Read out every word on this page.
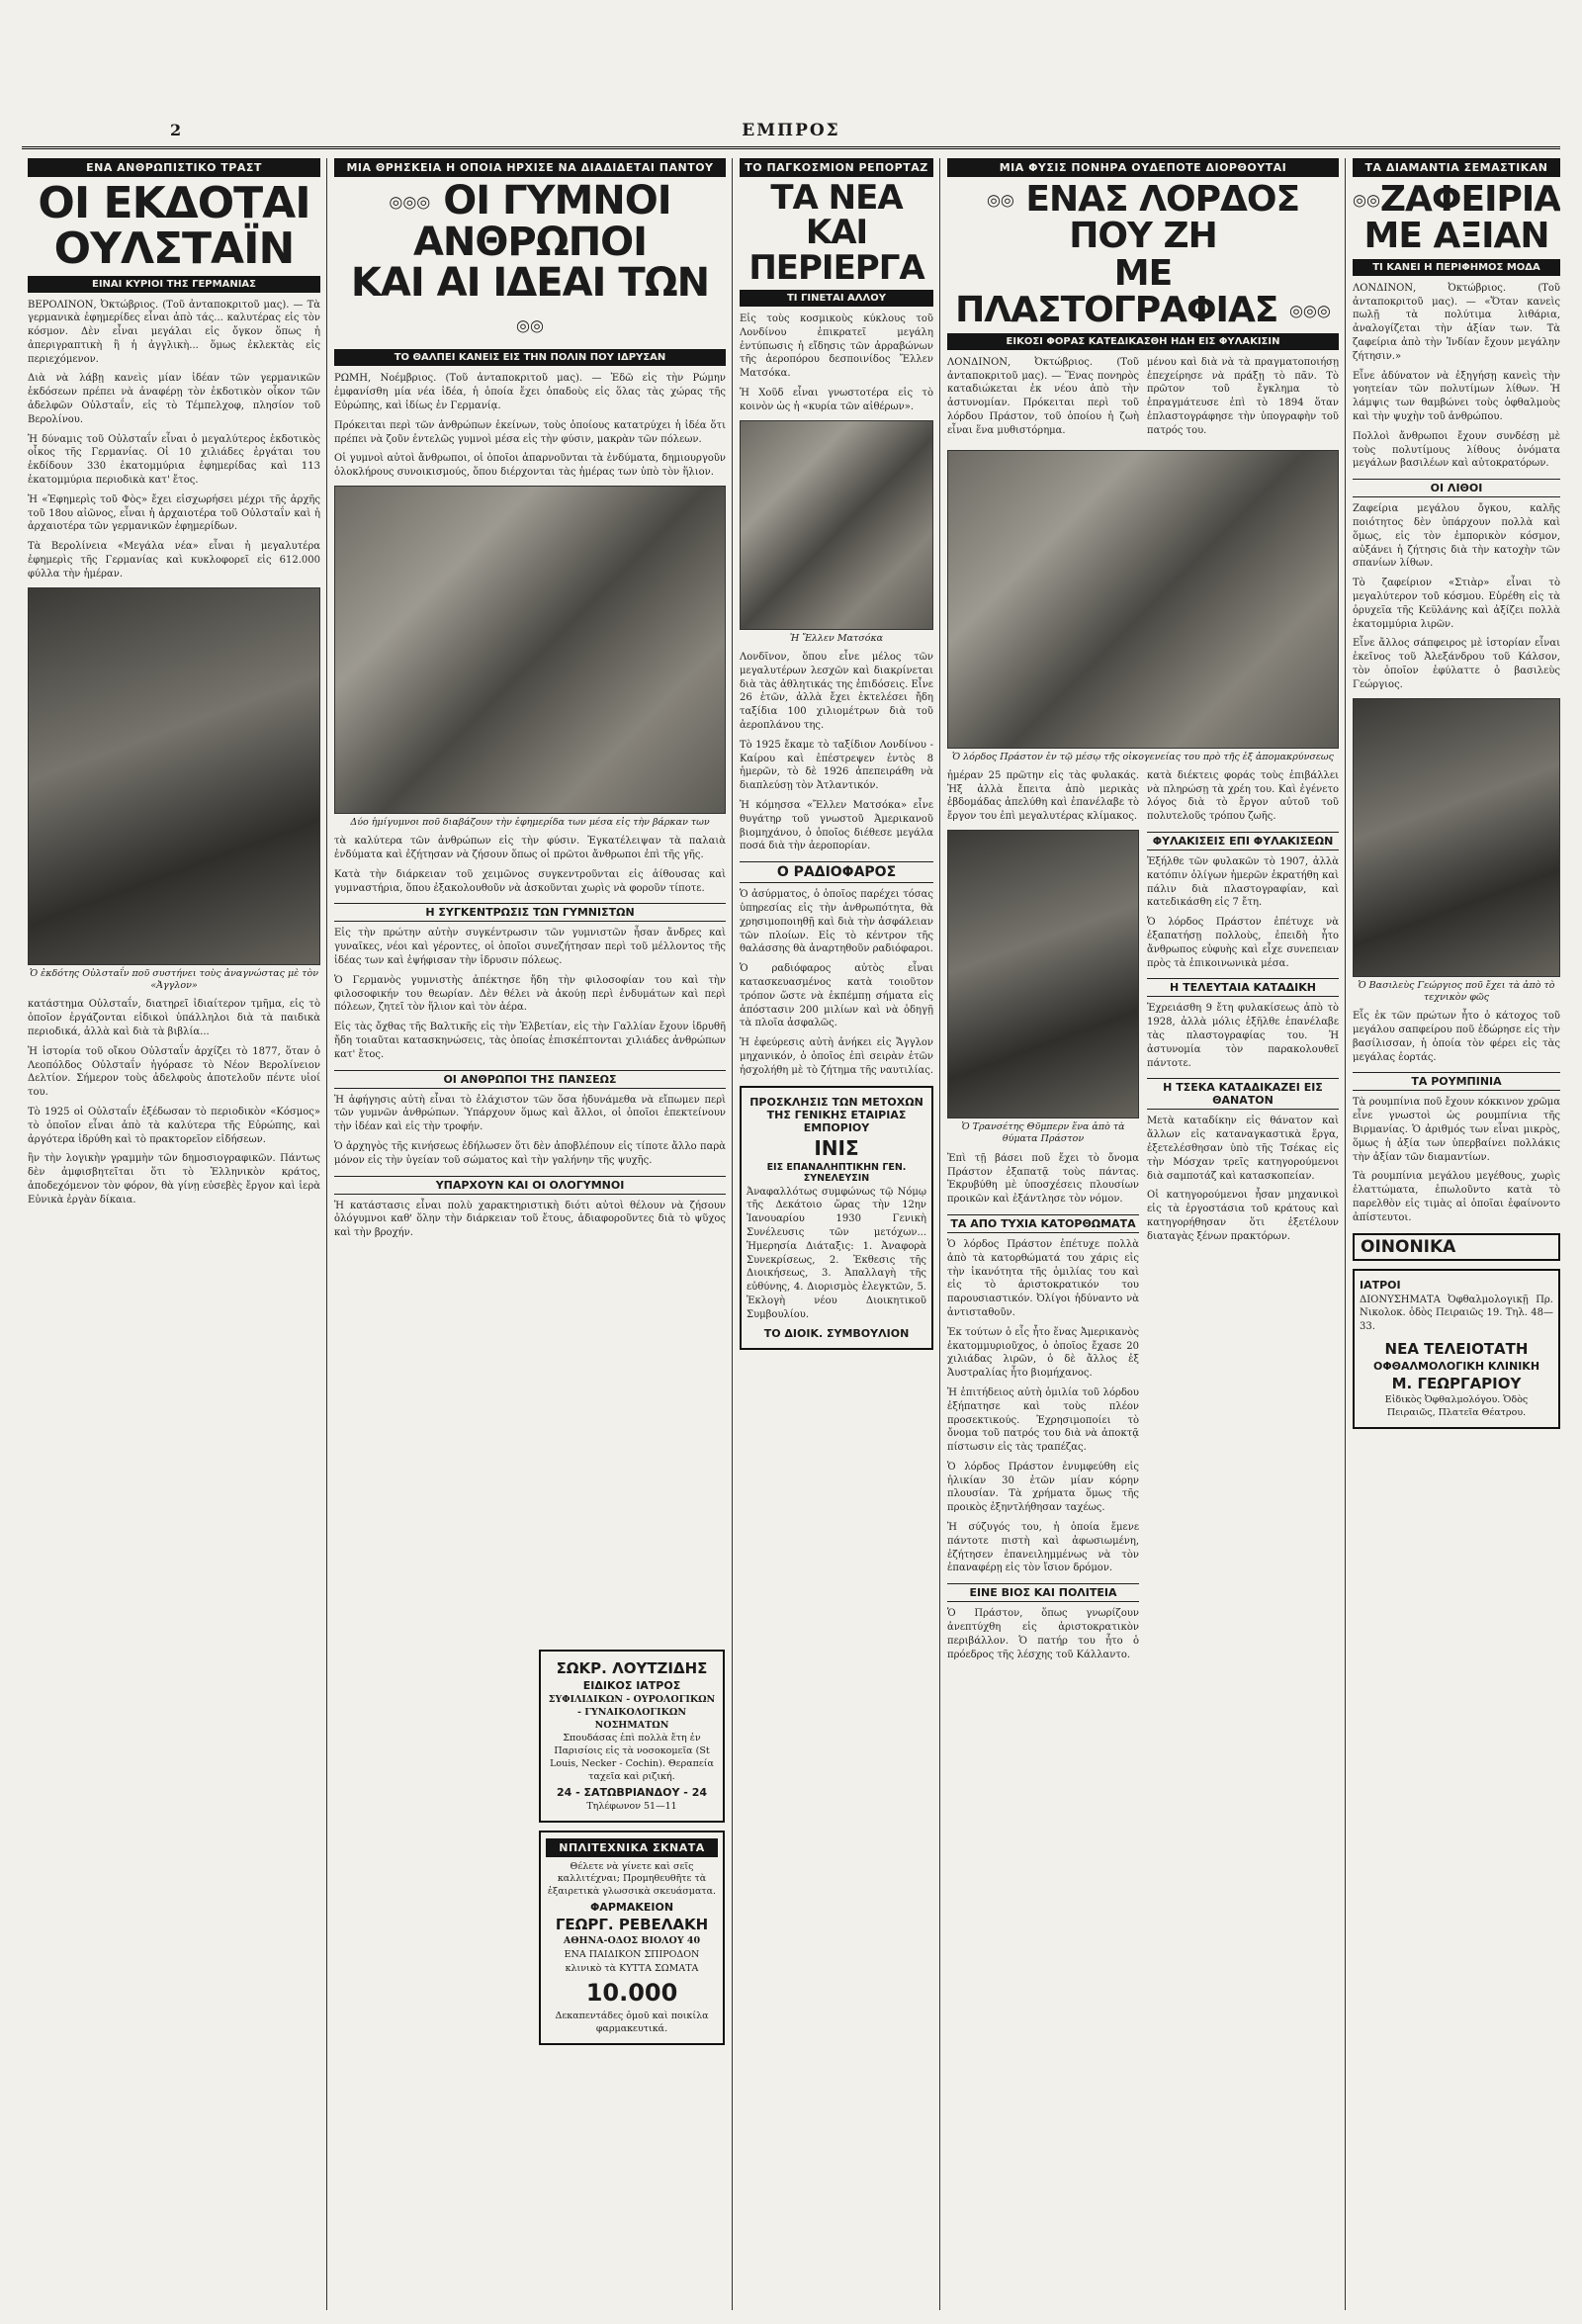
2	ΕΜΠΡΟΣ
ΕΝΑ ΑΝΘΡΩΠΙΣΤΙΚΟ ΤΡΑΣΤ
ΟΙ ΕΚΔΟΤΑΙ
ΟΥΛΣΤΑΪΝ
ΕΙΝΑΙ ΚΥΡΙΟΙ ΤΗΣ ΓΕΡΜΑΝΙΑΣ

ΒΕΡΟΛΙΝΟΝ, Ὀκτώβριος. (Τοῦ ἀνταποκριτοῦ μας). — Τὰ γερμανικὰ ἐφημερίδες εἶναι ἀπὸ τάς... καλυτέρας εἰς τὸν κόσμον. Δὲν εἶναι μεγάλαι εἰς ὄγκον ὅπως ἡ ἀπεριγραπτικὴ ἢ ἡ ἀγγλικὴ... ὅμως ἐκλεκτὰς εἰς περιεχόμενον.

Διὰ νὰ λάβῃ κανεὶς μίαν ἰδέαν τῶν γερμανικῶν ἐκδόσεων πρέπει νὰ ἀναφέρῃ τὸν ἐκδοτικὸν οἶκον τῶν ἀδελφῶν Οὐλσταΐν, εἰς τὸ Τέμπελχοφ, πλησίον τοῦ Βερολίνου.

Ἡ δύναμις τοῦ Οὐλσταΐν εἶναι ὁ μεγαλύτερος ἐκδοτικὸς οἶκος τῆς Γερμανίας. Οἱ 10 χιλιάδες ἐργάται του ἐκδίδουν 330 ἑκατομμύρια ἐφημερίδας καὶ 113 ἑκατομμύρια περιοδικὰ κατ' ἔτος.

Ἡ «Ἐφημερὶς τοῦ Φὸς» ἔχει εἰσχωρήσει μέχρι τῆς ἀρχῆς τοῦ 18ου αἰῶνος, εἶναι ἡ ἀρχαιοτέρα τοῦ Οὐλσταΐν καὶ ἡ ἀρχαιοτέρα τῶν γερμανικῶν ἐφημερίδων.

Τὰ Βερολίνεια «Μεγάλα νέα» εἶναι ἡ μεγαλυτέρα ἐφημερὶς τῆς Γερμανίας καὶ κυκλοφορεῖ εἰς 612.000 φύλλα τὴν ἡμέραν.

Ὁ ἐκδότης Οὐλσταΐν ποῦ συστήνει τοὺς ἀναγνώστας μὲ τὸν «Ἀγγλον»

κατάστημα Οὐλσταΐν, διατηρεῖ ἰδιαίτερον τμῆμα, εἰς τὸ ὁποῖον ἐργάζονται εἰδικοὶ ὑπάλληλοι διὰ τὰ παιδικὰ περιοδικά, ἀλλὰ καὶ διὰ τὰ βιβλία...

Ἡ ἰστορία τοῦ οἴκου Οὐλσταΐν ἀρχίζει τὸ 1877, ὅταν ὁ Λεοπόλδος Οὐλσταΐν ἠγόρασε τὸ Νέον Βερολίνειον Δελτίον. Σήμερον τοὺς ἀδελφοὺς ἀποτελοῦν πέντε υἱοί του.

Τὸ 1925 οἱ Οὐλσταΐν ἐξέδωσαν τὸ περιοδικὸν «Κόσμος» τὸ ὁποῖον εἶναι ἀπὸ τὰ καλύτερα τῆς Εὐρώπης, καὶ ἀργότερα ἰδρύθη καὶ τὸ πρακτορεῖον εἰδήσεων.

ἢν τὴν λογικὴν γραμμὴν τῶν δημοσιογραφικῶν. Πάντως δὲν ἀμφισβητεῖται ὅτι τὸ Ἑλληνικὸν κράτος, ἀποδεχόμενον τὸν φόρον, θὰ γίνῃ εὐσεβὲς ἔργον καὶ ἱερὰ Εὐνικὰ ἐργὰν δίκαια.

ΜΙΑ ΘΡΗΣΚΕΙΑ Η ΟΠΟΙΑ ΗΡΧΙΣΕ ΝΑ ΔΙΑΔΙΔΕΤΑΙ ΠΑΝΤΟΥ
◎◎◎ ΟΙ ΓΥΜΝΟΙ ΑΝΘΡΩΠΟΙ
ΚΑΙ ΑΙ ΙΔΕΑΙ ΤΩΝ ◎◎
ΤΟ ΘΑΛΠΕΙ ΚΑΝΕΙΣ ΕΙΣ ΤΗΝ ΠΟΛΙΝ ΠΟΥ ΙΔΡΥΣΑΝ

ΡΩΜΗ, Νοέμβριος. (Τοῦ ἀνταποκριτοῦ μας). — Ἐδῶ εἰς τὴν Ρώμην ἐμφανίσθη μία νέα ἰδέα, ἡ ὁποία ἔχει ὀπαδοὺς εἰς ὅλας τὰς χώρας τῆς Εὐρώπης, καὶ ἰδίως ἐν Γερμανίᾳ.

Πρόκειται περὶ τῶν ἀνθρώπων ἐκείνων, τοὺς ὁποίους κατατρύχει ἡ ἰδέα ὅτι πρέπει νὰ ζοῦν ἐντελῶς γυμνοὶ μέσα εἰς τὴν φύσιν, μακρὰν τῶν πόλεων.

Οἱ γυμνοὶ αὐτοὶ ἄνθρωποι, οἱ ὁποῖοι ἀπαρνοῦνται τὰ ἐνδύματα, δημιουργοῦν ὁλοκλήρους συνοικισμούς, ὅπου διέρχονται τὰς ἡμέρας των ὑπὸ τὸν ἥλιον.

Δύο ἡμίγυμνοι ποῦ διαβάζουν τὴν ἐφημερίδα των μέσα εἰς τὴν βάρκαν των

τὰ καλύτερα τῶν ἀνθρώπων εἰς τὴν φύσιν. Ἐγκατέλειψαν τὰ παλαιὰ ἐνδύματα καὶ ἐζήτησαν νὰ ζήσουν ὅπως οἱ πρῶτοι ἄνθρωποι ἐπὶ τῆς γῆς.

Κατὰ τὴν διάρκειαν τοῦ χειμῶνος συγκεντροῦνται εἰς ἀίθουσας καὶ γυμναστήρια, ὅπου ἐξακολουθοῦν νὰ ἀσκοῦνται χωρὶς νὰ φοροῦν τίποτε.

Η ΣΥΓΚΕΝΤΡΩΣΙΣ ΤΩΝ ΓΥΜΝΙΣΤΩΝ

Εἰς τὴν πρώτην αὐτὴν συγκέντρωσιν τῶν γυμνιστῶν ἦσαν ἄνδρες καὶ γυναῖκες, νέοι καὶ γέροντες, οἱ ὁποῖοι συνεζήτησαν περὶ τοῦ μέλλοντος τῆς ἰδέας των καὶ ἐψήφισαν τὴν ἱδρυσιν πόλεως.

Ὁ Γερμανὸς γυμνιστὴς ἀπέκτησε ἤδη τὴν φιλοσοφίαν του καὶ τὴν φιλοσοφικήν του θεωρίαν. Δὲν θέλει νὰ ἀκούῃ περὶ ἐνδυμάτων καὶ περὶ πόλεων, ζητεῖ τὸν ἥλιον καὶ τὸν ἀέρα.

Εἰς τὰς ὄχθας τῆς Βαλτικῆς εἰς τὴν Ἑλβετίαν, εἰς τὴν Γαλλίαν ἔχουν ἱδρυθῆ ἤδη τοιαῦται κατασκηνώσεις, τὰς ὁποίας ἐπισκέπτονται χιλιάδες ἀνθρώπων κατ' ἔτος.

ΟΙ ΑΝΘΡΩΠΟΙ ΤΗΣ ΠΑΝΣΕΩΣ

Ἡ ἀφήγησις αὐτὴ εἶναι τὸ ἐλάχιστον τῶν ὅσα ἠδυνάμεθα νὰ εἴπωμεν περὶ τῶν γυμνῶν ἀνθρώπων. Ὑπάρχουν ὅμως καὶ ἄλλοι, οἱ ὁποῖοι ἐπεκτείνουν τὴν ἰδέαν καὶ εἰς τὴν τροφήν.

Ὁ ἀρχηγὸς τῆς κινήσεως ἐδήλωσεν ὅτι δὲν ἀποβλέπουν εἰς τίποτε ἄλλο παρὰ μόνον εἰς τὴν ὑγείαν τοῦ σώματος καὶ τὴν γαλήνην τῆς ψυχῆς.

ΥΠΑΡΧΟΥΝ ΚΑΙ ΟΙ ΟΛΟΓΥΜΝΟΙ

Ἡ κατάστασις εἶναι πολὺ χαρακτηριστικὴ διότι αὐτοὶ θέλουν νὰ ζήσουν ὁλόγυμνοι καθ' ὅλην τὴν διάρκειαν τοῦ ἔτους, ἀδιαφοροῦντες διὰ τὸ ψῦχος καὶ τὴν βροχήν.

ΤΟ ΠΑΓΚΟΣΜΙΟΝ ΡΕΠΟΡΤΑΖ
ΤΑ ΝΕΑ ΚΑΙ
ΠΕΡΙΕΡΓΑ
ΤΙ ΓΙΝΕΤΑΙ ΑΛΛΟΥ

Εἰς τοὺς κοσμικοὺς κύκλους τοῦ Λονδίνου ἐπικρατεῖ μεγάλη ἐντύπωσις ἡ εἴδησις τῶν ἀρραβώνων τῆς ἀεροπόρου δεσποινίδος Ἔλλεν Ματσόκα.

Ἡ Χοῦδ εἶναι γνωστοτέρα εἰς τὸ κοινὸν ὡς ἡ «κυρία τῶν αἰθέρων».

Ἡ Ἔλλεν Ματσόκα

Λονδῖνον, ὅπου εἶνε μέλος τῶν μεγαλυτέρων λεσχῶν καὶ διακρίνεται διὰ τὰς ἀθλητικάς της ἐπιδόσεις. Εἶνε 26 ἐτῶν, ἀλλὰ ἔχει ἐκτελέσει ἤδη ταξίδια 100 χιλιομέτρων διὰ τοῦ ἀεροπλάνου της.

Τὸ 1925 ἔκαμε τὸ ταξίδιον Λονδίνου - Καίρου καὶ ἐπέστρεψεν ἐντὸς 8 ἡμερῶν, τὸ δὲ 1926 ἀπεπειράθη νὰ διαπλεύσῃ τὸν Ἀτλαντικόν.

Ἡ κόμησσα «Ἔλλεν Ματσόκα» εἶνε θυγάτηρ τοῦ γνωστοῦ Ἀμερικανοῦ βιομηχάνου, ὁ ὁποῖος διέθεσε μεγάλα ποσά διὰ τὴν ἀεροπορίαν.

Ο ΡΑΔΙΟΦΑΡΟΣ

Ὁ ἀσύρματος, ὁ ὁποῖος παρέχει τόσας ὑπηρεσίας εἰς τὴν ἀνθρωπότητα, θὰ χρησιμοποιηθῇ καὶ διὰ τὴν ἀσφάλειαν τῶν πλοίων. Εἰς τὸ κέντρον τῆς θαλάσσης θὰ ἀναρτηθοῦν ραδιόφαροι.

Ὁ ραδιόφαρος αὐτὸς εἶναι κατασκευασμένος κατὰ τοιοῦτον τρόπον ὥστε νὰ ἐκπέμπῃ σήματα εἰς ἀπόστασιν 200 μιλίων καὶ νὰ ὁδηγῇ τὰ πλοῖα ἀσφαλῶς.

Ἡ ἐφεύρεσις αὐτὴ ἀνήκει εἰς Ἄγγλον μηχανικόν, ὁ ὁποῖος ἐπὶ σειρὰν ἐτῶν ἠσχολήθη μὲ τὸ ζήτημα τῆς ναυτιλίας.

ΠΡΟΣΚΛΗΣΙΣ ΤΩΝ ΜΕΤΟΧΩΝ ΤΗΣ ΓΕΝΙΚΗΣ ΕΤΑΙΡΙΑΣ ΕΜΠΟΡΙΟΥ
ΙΝΙΣ
ΕΙΣ ΕΠΑΝΑΛΗΠΤΙΚΗΝ ΓΕΝ. ΣΥΝΕΛΕΥΣΙΝ

Ἀναφαλλότως συμφώνως τῷ Νόμῳ τῆς Δεκάτοιο ὥρας τὴν 12ην Ἰανουαρίου 1930 Γενικὴ Συνέλευσις τῶν μετόχων... Ἡμερησία Διάταξις: 1. Ἀναφορὰ Συνεκρίσεως, 2. Ἐκθεσις τῆς Διοικήσεως, 3. Ἀπαλλαγὴ τῆς εὐθύνης, 4. Διορισμὸς ἐλεγκτῶν, 5. Ἐκλογὴ νέου Διοικητικοῦ Συμβουλίου.

ΤΟ ΔΙΟΙΚ. ΣΥΜΒΟΥΛΙΟΝ
ΜΙΑ ΦΥΣΙΣ ΠΟΝΗΡΑ ΟΥΔΕΠΟΤΕ ΔΙΟΡΘΟΥΤΑΙ
◎◎ ΕΝΑΣ ΛΟΡΔΟΣ ΠΟΥ ΖΗ
ΜΕ ΠΛΑΣΤΟΓΡΑΦΙΑΣ ◎◎◎
ΕΙΚΟΣΙ ΦΟΡΑΣ ΚΑΤΕΔΙΚΑΣΘΗ ΗΔΗ ΕΙΣ ΦΥΛΑΚΙΣΙΝ

ΛΟΝΔΙΝΟΝ, Ὀκτώβριος. (Τοῦ ἀνταποκριτοῦ μας). — Ἕνας πονηρὸς καταδιώκεται ἐκ νέου ἀπὸ τὴν ἀστυνομίαν. Πρόκειται περὶ τοῦ λόρδου Πράστον, τοῦ ὁποίου ἡ ζωὴ εἶναι ἕνα μυθιστόρημα.

μένου καὶ διὰ νὰ τὰ πραγματοποιήσῃ ἐπεχείρησε νὰ πράξῃ τὸ πᾶν. Τὸ πρῶτον τοῦ ἔγκλημα τὸ ἐπραγμάτευσε ἐπὶ τὸ 1894 ὅταν ἐπλαστογράφησε τὴν ὑπογραφὴν τοῦ πατρός του.

Ὁ λόρδος Πράστον ἐν τῷ μέσῳ τῆς οἰκογενείας του πρὸ τῆς ἐξ ἀπομακρύνσεως

ἠμέραν 25 πρῶτην εἰς τὰς φυλακάς. Ἠξ ἀλλὰ ἔπειτα ἀπὸ μερικὰς ἐβδομάδας ἀπελύθη καὶ ἐπανέλαβε τὸ ἔργον του ἐπὶ μεγαλυτέρας κλίμακος.

Ὁ Τρανσέτης Θῦμπερν ἕνα ἀπὸ τὰ θύματα Πράστον

Ἐπὶ τῇ βάσει ποῦ ἔχει τὸ ὄνομα Πράστον ἐξαπατᾷ τοὺς πάντας. Ἐκρυβύθη μὲ ὑποσχέσεις πλουσίων προικῶν καὶ ἐξάντλησε τὸν νόμον.

ΤΑ ΑΠΟ ΤΥΧΙΑ ΚΑΤΟΡΘΩΜΑΤΑ

Ὁ λόρδος Πράστον ἐπέτυχε πολλὰ ἀπὸ τὰ κατορθώματά του χάρις εἰς τὴν ἱκανότητα τῆς ὁμιλίας του καὶ εἰς τὸ ἀριστοκρατικόν του παρουσιαστικόν. Ὀλίγοι ἠδύναντο νὰ ἀντισταθοῦν.

Ἐκ τούτων ὁ εἷς ἦτο ἕνας Ἀμερικανὸς ἑκατομμυριοῦχος, ὁ ὁποῖος ἔχασε 20 χιλιάδας λιρῶν, ὁ δὲ ἄλλος ἐξ Ἀυστραλίας ἦτο βιομήχανος.

Ἡ ἐπιτήδειος αὐτὴ ὁμιλία τοῦ λόρδου ἐξήπατησε καὶ τοὺς πλέον προσεκτικούς. Ἐχρησιμοποίει τὸ ὄνομα τοῦ πατρός του διὰ νὰ ἀποκτᾷ πίστωσιν εἰς τὰς τραπέζας.

Ὁ λόρδος Πράστον ἐνυμφεύθη εἰς ἡλικίαν 30 ἐτῶν μίαν κόρην πλουσίαν. Τὰ χρήματα ὅμως τῆς προικὸς ἐξηντλήθησαν ταχέως.

Ἡ σύζυγός του, ἡ ὁποία ἔμενε πάντοτε πιστὴ καὶ ἀφωσιωμένη, ἐζήτησεν ἐπανειλημμένως νὰ τὸν ἐπαναφέρῃ εἰς τὸν ἴσιον δρόμον.

ΕΙΝΕ ΒΙΟΣ ΚΑΙ ΠΟΛΙΤΕΙΑ

Ὁ Πράστον, ὅπως γνωρίζουν ἀνεπτύχθη εἰς ἀριστοκρατικὸν περιβάλλον. Ὁ πατήρ του ἦτο ὁ πρόεδρος τῆς λέσχης τοῦ Κάλλαντο.

κατὰ διέκτεις φοράς τοὺς ἐπιβάλλει νὰ πληρώσῃ τὰ χρέη του. Καὶ ἐγένετο λόγος διὰ τὸ ἔργον αὐτοῦ τοῦ πολυτελοῦς τρόπου ζωῆς.

ΦΥΛΑΚΙΣΕΙΣ ΕΠΙ ΦΥΛΑΚΙΣΕΩΝ

Ἐξήλθε τῶν φυλακῶν τὸ 1907, ἀλλὰ κατόπιν ὀλίγων ἡμερῶν ἐκρατήθη καὶ πάλιν διὰ πλαστογραφίαν, καὶ κατεδικάσθη εἰς 7 ἔτη.

Ὁ λόρδος Πράστον ἐπέτυχε νὰ ἐξαπατήσῃ πολλοὺς, ἐπειδὴ ἦτο ἄνθρωπος εὐφυὴς καὶ εἶχε συνεπειαν πρὸς τὰ ἐπικοινωνικὰ μέσα.

Η ΤΕΛΕΥΤΑΙΑ ΚΑΤΑΔΙΚΗ

Ἐχρειάσθη 9 ἔτη φυλακίσεως ἀπὸ τὸ 1928, ἀλλὰ μόλις ἐξῆλθε ἐπανέλαβε τὰς πλαστογραφίας του. Ἡ ἀστυνομία τὸν παρακολουθεῖ πάντοτε.

Η ΤΣΕΚΑ ΚΑΤΑΔΙΚΑΖΕΙ ΕΙΣ ΘΑΝΑΤΟΝ

Μετὰ καταδίκην εἰς θάνατον καὶ ἄλλων εἰς καταναγκαστικὰ ἔργα, ἐξετελέσθησαν ὑπὸ τῆς Τσέκας εἰς τὴν Μόσχαν τρεῖς κατηγορούμενοι διὰ σαμποτάζ καὶ κατασκοπείαν.

Οἱ κατηγορούμενοι ἦσαν μηχανικοὶ εἰς τὰ ἐργοστάσια τοῦ κράτους καὶ κατηγορήθησαν ὅτι ἐξετέλουν διαταγὰς ξένων πρακτόρων.

ΤΑ ΔΙΑΜΑΝΤΙΑ ΣΕΜΑΣΤΙΚΑΝ
◎◎ΖΑΦΕΙΡΙΑ
ΜΕ ΑΞΙΑΝ
ΤΙ ΚΑΝΕΙ Η ΠΕΡΙΦΗΜΟΣ ΜΟΔΑ

ΛΟΝΔΙΝΟΝ, Ὀκτώβριος. (Τοῦ ἀνταποκριτοῦ μας). — «Ὅταν κανεὶς πωλῇ τὰ πολύτιμα λιθάρια, ἀναλογίζεται τὴν ἀξίαν των. Τὰ ζαφείρια ἀπὸ τὴν Ἰνδίαν ἔχουν μεγάλην ζήτησιν.»

Εἶνε ἀδύνατον νὰ ἐξηγήσῃ κανεὶς τὴν γοητείαν τῶν πολυτίμων λίθων. Ἡ λάμψις των θαμβώνει τοὺς ὀφθαλμοὺς καὶ τὴν ψυχὴν τοῦ ἀνθρώπου.

Πολλοὶ ἄνθρωποι ἔχουν συνδέσῃ μὲ τοὺς πολυτίμους λίθους ὀνόματα μεγάλων βασιλέων καὶ αὐτοκρατόρων.

ΟΙ ΛΙΘΟΙ

Ζαφείρια μεγάλου ὄγκου, καλῆς ποιότητος δὲν ὑπάρχουν πολλὰ καὶ ὅμως, εἰς τὸν ἐμπορικὸν κόσμον, αὐξάνει ἡ ζήτησις διὰ τὴν κατοχὴν τῶν σπανίων λίθων.

Τὸ ζαφείριον «Στιὰρ» εἶναι τὸ μεγαλύτερον τοῦ κόσμου. Εὑρέθη εἰς τὰ ὀρυχεῖα τῆς Κεϋλάνης καὶ ἀξίζει πολλὰ ἑκατομμύρια λιρῶν.

Εἶνε ἄλλος σάπφειρος μὲ ἱστορίαν εἶναι ἐκεῖνος τοῦ Ἀλεξάνδρου τοῦ Κάλσον, τὸν ὁποῖον ἐφύλαττε ὁ βασιλεὺς Γεώργιος.

Ὁ Βασιλεὺς Γεώργιος ποῦ ἔχει τὰ ἀπὸ τὸ τεχνικὸν φῶς

Εἷς ἐκ τῶν πρώτων ἦτο ὁ κάτοχος τοῦ μεγάλου σαπφείρου ποῦ ἐδώρησε εἰς τὴν βασίλισσαν, ἡ ὁποία τὸν φέρει εἰς τὰς μεγάλας ἐορτάς.

ΤΑ ΡΟΥΜΠΙΝΙΑ

Τὰ ρουμπίνια ποῦ ἔχουν κόκκινον χρῶμα εἶνε γνωστοὶ ὡς ρουμπίνια τῆς Βιρμανίας. Ὁ ἀριθμός των εἶναι μικρὸς, ὅμως ἡ ἀξία των ὑπερβαίνει πολλάκις τὴν ἀξίαν τῶν διαμαντίων.

Τὰ ρουμπίνια μεγάλου μεγέθους, χωρὶς ἐλαττώματα, ἐπωλοῦντο κατὰ τὸ παρελθὸν εἰς τιμὰς αἱ ὁποῖαι ἐφαίνοντο ἀπίστευτοι.

ΟΙΝΟΝΙΚΑ
ΙΑΤΡΟΙ

ΔΙΟΝΥΣΗΜΑΤΑ Ὀφθαλμολογικῇ Πρ. Νικολοκ. ὁδὸς Πειραιῶς 19. Τηλ. 48—33.

ΝΕΑ ΤΕΛΕΙΟΤΑΤΗ
ΟΦΘΑΛΜΟΛΟΓΙΚΗ ΚΛΙΝΙΚΗ
Μ. ΓΕΩΡΓΑΡΙΟΥ
Εἰδικὸς Ὀφθαλμολόγου. Ὁδὸς Πειραιῶς, Πλατεῖα Θέατρου.
ΣΩΚΡ. ΛΟΥΤΖΙΔΗΣ
ΕΙΔΙΚΟΣ ΙΑΤΡΟΣ
ΣΥΦΙΛΙΔΙΚΩΝ - ΟΥΡΟΛΟΓΙΚΩΝ - ΓΥΝΑΙΚΟΛΟΓΙΚΩΝ ΝΟΣΗΜΑΤΩΝ
Σπουδάσας ἐπὶ πολλὰ ἔτη ἐν Παρισίοις εἰς τὰ νοσοκομεῖα (St Louis, Necker - Cochin). Θεραπεία ταχεῖα καὶ ριζική.
24 - ΣΑΤΩΒΡΙΑΝΔΟΥ - 24
Τηλέφωνον 51—11
ΝΠΛΙΤΕΧΝΙΚΑ ΣΚΝΑΤΑ
Θέλετε νὰ γίνετε καὶ σεῖς καλλιτέχναι; Προμηθευθῆτε τὰ ἐξαιρετικὰ γλωσσικὰ σκευάσματα.
ΦΑΡΜΑΚΕΙΟΝ
ΓΕΩΡΓ. ΡΕΒΕΛΑΚΗ
ΑΘΗΝΑ-ΟΔΟΣ ΒΙΟΛΟΥ 40
ΕΝΑ ΠΑΙΔΙΚΟΝ ΣΠΙΡΟΔΟΝ
κλινικὸ τὰ ΚΥΤΤΑ ΣΩΜΑΤΑ
10.000
Δεκαπεντάδες ὁμοῦ καὶ ποικίλα φαρμακευτικά.
